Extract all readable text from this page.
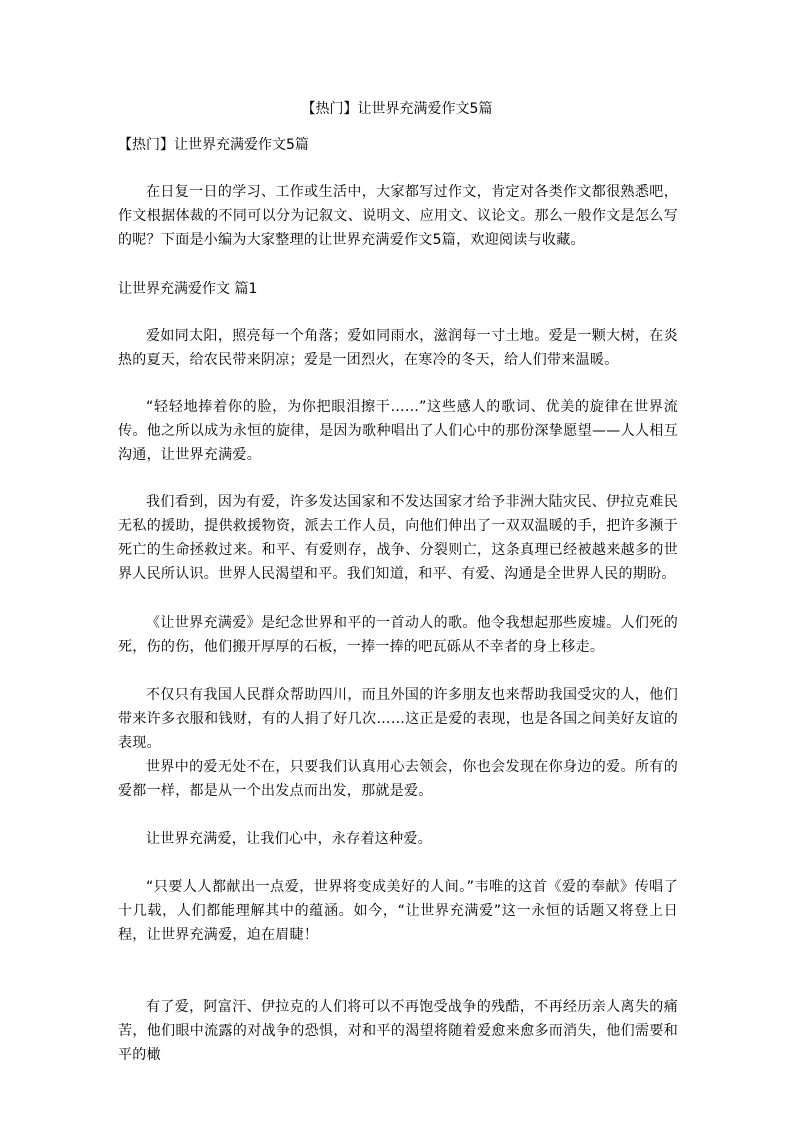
【热门】让世界充满爱作文5篇
【热门】让世界充满爱作文5篇

在日复一日的学习、工作或生活中，大家都写过作文，肯定对各类作文都很熟悉吧，作文根据体裁的不同可以分为记叙文、说明文、应用文、议论文。那么一般作文是怎么写的呢？下面是小编为大家整理的让世界充满爱作文5篇，欢迎阅读与收藏。

让世界充满爱作文 篇1

爱如同太阳，照亮每一个角落；爱如同雨水，滋润每一寸土地。爱是一颗大树，在炎热的夏天，给农民带来阴凉；爱是一团烈火，在寒冷的冬天，给人们带来温暖。

“轻轻地捧着你的脸，为你把眼泪擦干……”这些感人的歌词、优美的旋律在世界流传。他之所以成为永恒的旋律，是因为歌种唱出了人们心中的那份深挚愿望——人人相互沟通，让世界充满爱。

我们看到，因为有爱，许多发达国家和不发达国家才给予非洲大陆灾民、伊拉克难民无私的援助，提供救援物资，派去工作人员，向他们伸出了一双双温暖的手，把许多濒于死亡的生命拯救过来。和平、有爱则存，战争、分裂则亡，这条真理已经被越来越多的世界人民所认识。世界人民渴望和平。我们知道，和平、有爱、沟通是全世界人民的期盼。

《让世界充满爱》是纪念世界和平的一首动人的歌。他令我想起那些废墟。人们死的死，伤的伤，他们搬开厚厚的石板，一捧一捧的吧瓦砾从不幸者的身上移走。

不仅只有我国人民群众帮助四川，而且外国的许多朋友也来帮助我国受灾的人，他们带来许多衣服和钱财，有的人捐了好几次……这正是爱的表现，也是各国之间美好友谊的表现。

世界中的爱无处不在，只要我们认真用心去领会，你也会发现在你身边的爱。所有的爱都一样，都是从一个出发点而出发，那就是爱。

让世界充满爱，让我们心中，永存着这种爱。

“只要人人都献出一点爱，世界将变成美好的人间。”韦唯的这首《爱的奉献》传唱了十几载，人们都能理解其中的蕴涵。如今，“让世界充满爱”这一永恒的话题又将登上日程，让世界充满爱，迫在眉睫！

有了爱，阿富汗、伊拉克的人们将可以不再饱受战争的残酷，不再经历亲人离失的痛苦，他们眼中流露的对战争的恐惧，对和平的渴望将随着爱愈来愈多而消失，他们需要和平的橄
